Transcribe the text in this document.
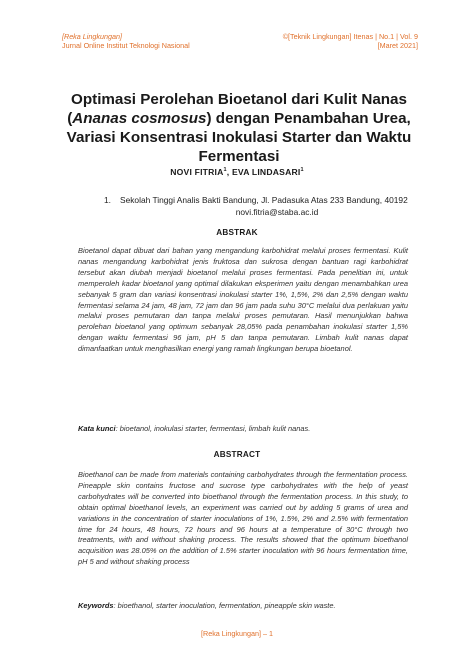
[Reka Lingkungan]
Jurnal Online Institut Teknologi Nasional
©[Teknik Lingkungan] Itenas | No.1 | Vol. 9
[Maret 2021]
Optimasi Perolehan Bioetanol dari Kulit Nanas
(Ananas cosmosus) dengan Penambahan Urea,
Variasi Konsentrasi Inokulasi Starter dan Waktu
Fermentasi
NOVI FITRIA$^1$, EVA LINDASARI$^1$
1. Sekolah Tinggi Analis Bakti Bandung, Jl. Padasuka Atas 233 Bandung, 40192
novi.fitria@staba.ac.id
ABSTRAK
Bioetanol dapat dibuat dari bahan yang mengandung karbohidrat melalui proses fermentasi. Kulit nanas mengandung karbohidrat jenis fruktosa dan sukrosa dengan bantuan ragi karbohidrat tersebut akan diubah menjadi bioetanol melalui proses fermentasi. Pada penelitian ini, untuk memperoleh kadar bioetanol yang optimal dilakukan eksperimen yaitu dengan menambahkan urea sebanyak 5 gram dan variasi konsentrasi inokulasi starter 1%, 1,5%, 2% dan 2,5% dengan waktu fermentasi selama 24 jam, 48 jam, 72 jam dan 96 jam pada suhu 30°C melalui dua perlakuan yaitu melalui proses pemutaran dan tanpa melalui proses pemutaran. Hasil menunjukkan bahwa perolehan bioetanol yang optimum sebanyak 28,05% pada penambahan inokulasi starter 1,5% dengan waktu fermentasi 96 jam, pH 5 dan tanpa pemutaran. Limbah kulit nanas dapat dimanfaatkan untuk menghasilkan energi yang ramah lingkungan berupa bioetanol.
Kata kunci: bioetanol, inokulasi starter, fermentasi, limbah kulit nanas.
ABSTRACT
Bioethanol can be made from materials containing carbohydrates through the fermentation process. Pineapple skin contains fructose and sucrose type carbohydrates with the help of yeast carbohydrates will be converted into bioethanol through the fermentation process. In this study, to obtain optimal bioethanol levels, an experiment was carried out by adding 5 grams of urea and variations in the concentration of starter inoculations of 1%, 1.5%, 2% and 2.5% with fermentation time for 24 hours, 48 hours, 72 hours and 96 hours at a temperature of 30°C through two treatments, with and without shaking process. The results showed that the optimum bioethanol acquisition was 28.05% on the addition of 1.5% starter inoculation with 96 hours fermentation time, pH 5 and without shaking process
Keywords: bioethanol, starter inoculation, fermentation, pineapple skin waste.
[Reka Lingkungan] – 1
